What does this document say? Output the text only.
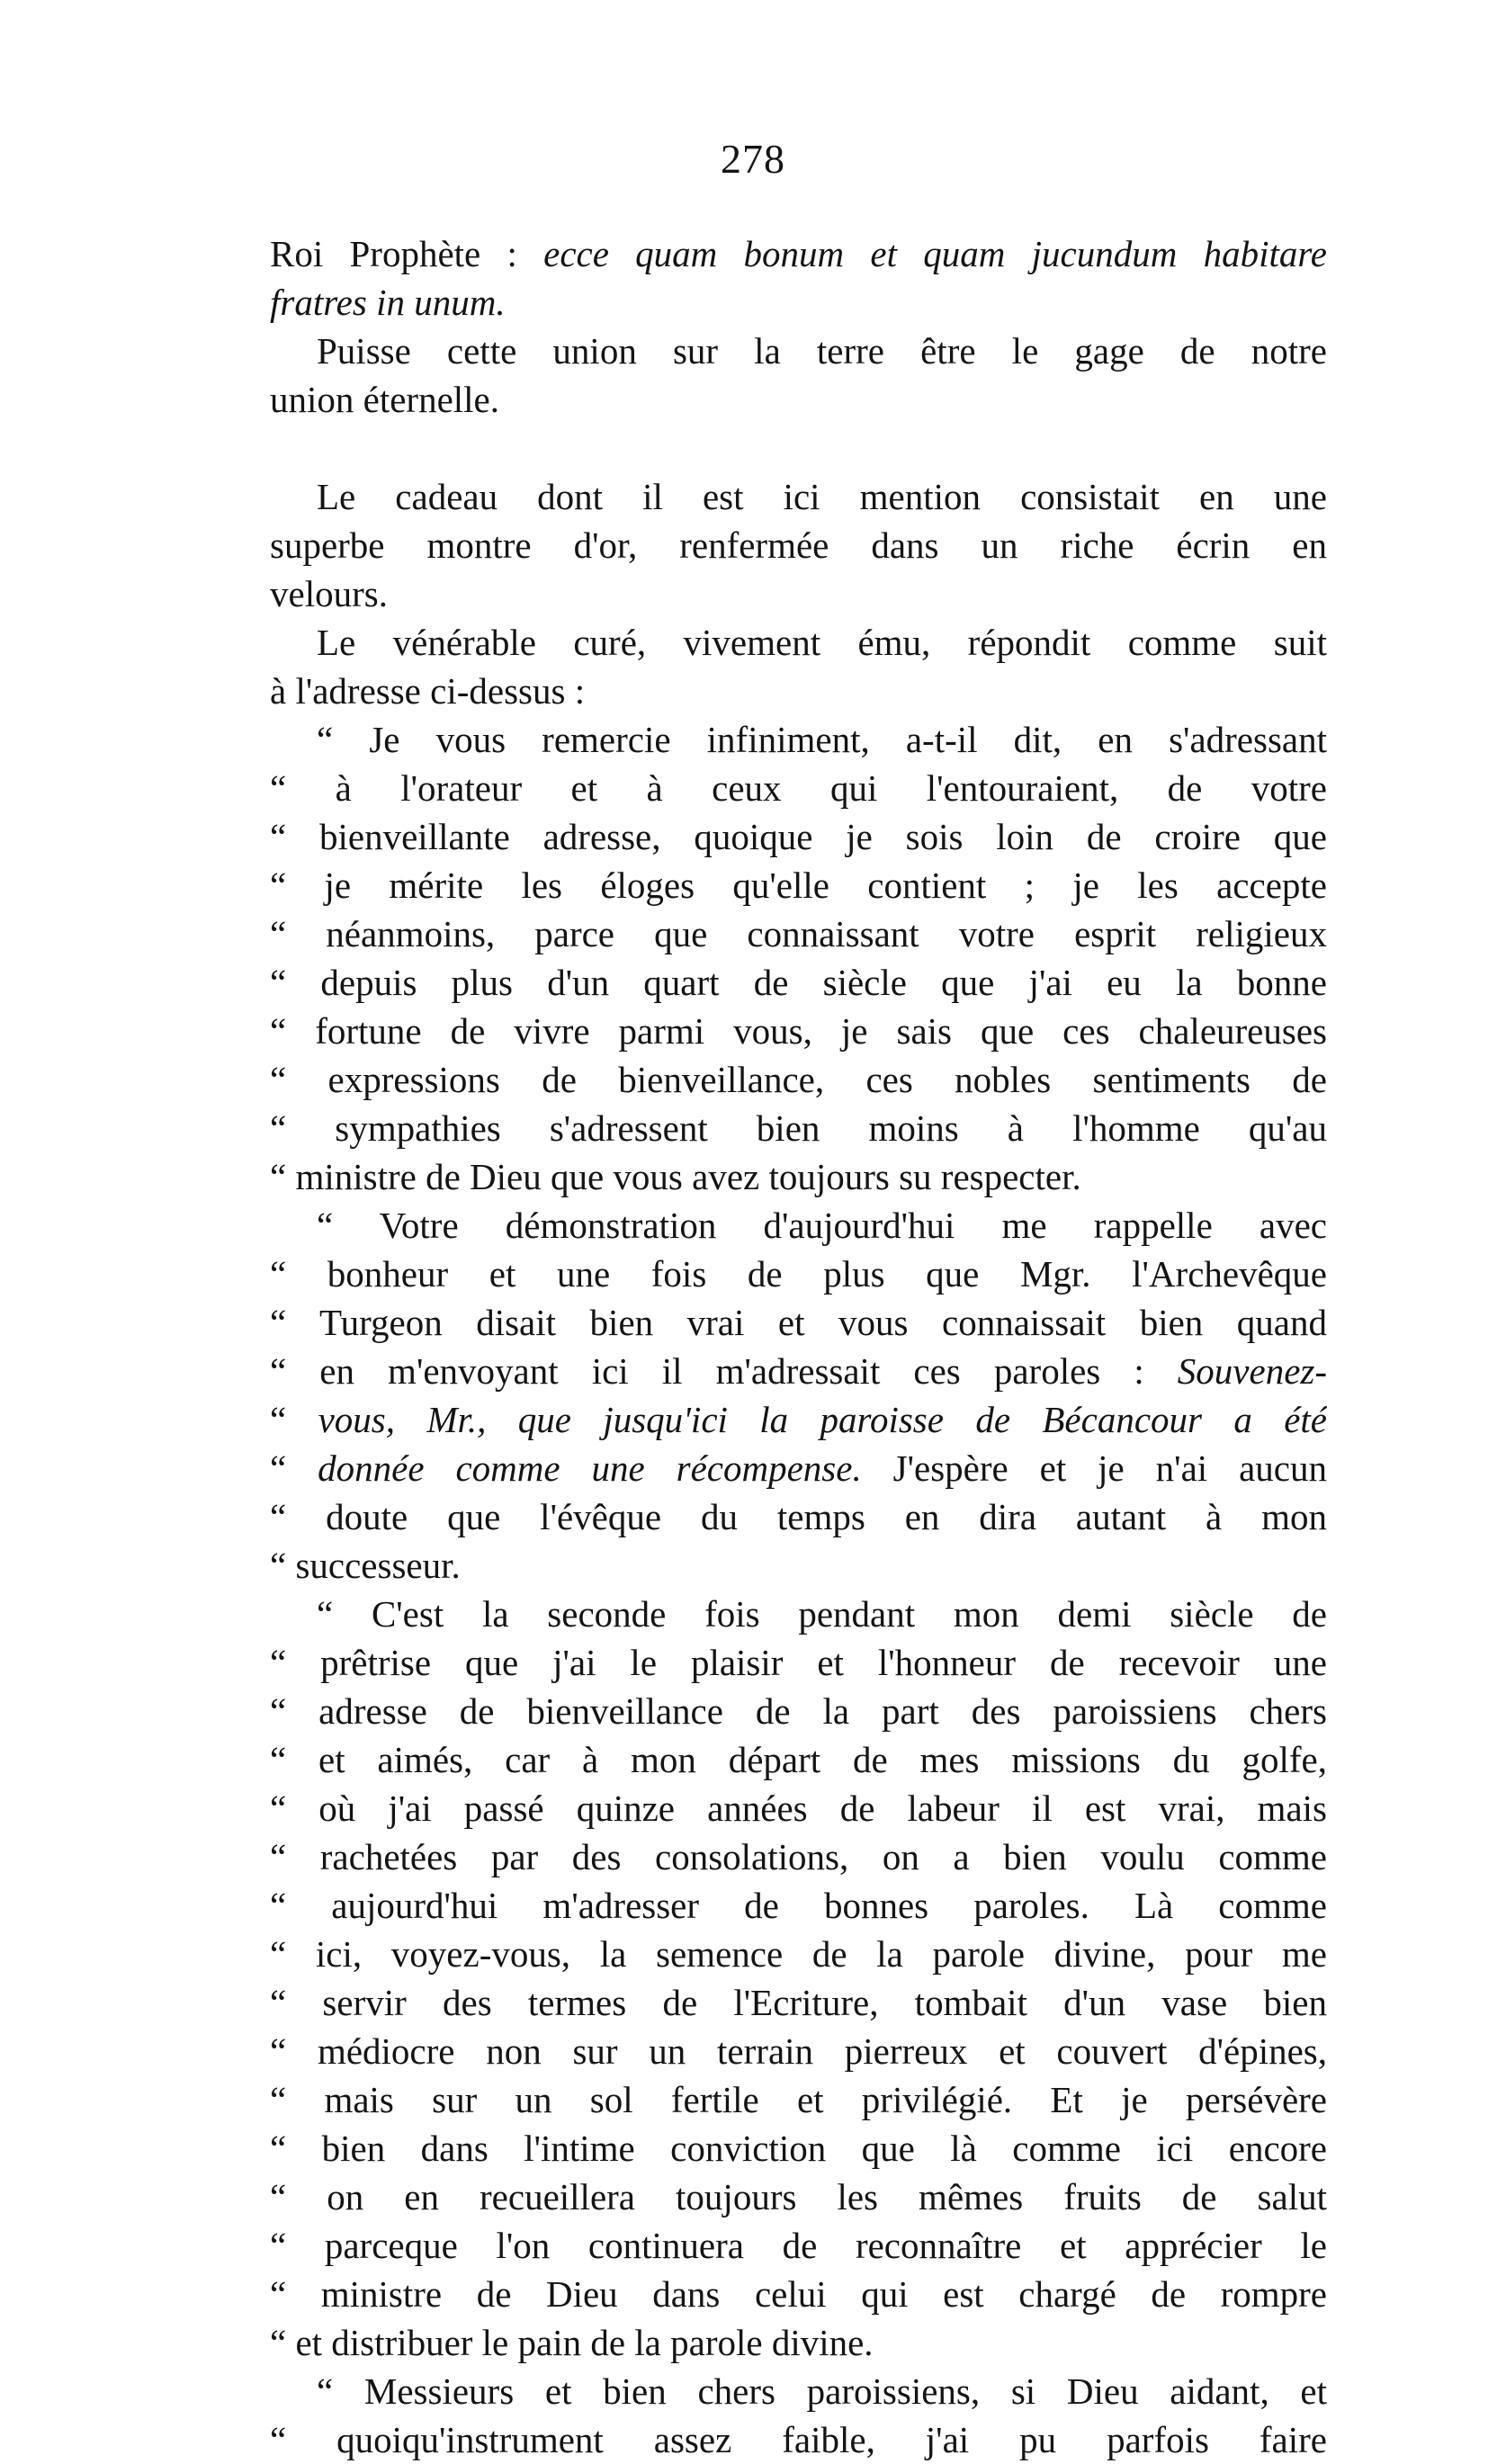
278
Roi Prophète : ecce quam bonum et quam jucundum habitare
fratres in unum.
Puisse cette union sur la terre être le gage de notre
union éternelle.
Le cadeau dont il est ici mention consistait en une
superbe montre d'or, renfermée dans un riche écrin en
velours.
Le vénérable curé, vivement ému, répondit comme suit
à l'adresse ci-dessus :
“ Je vous remercie infiniment, a-t-il dit, en s'adressant
“ à l'orateur et à ceux qui l'entouraient, de votre
“ bienveillante adresse, quoique je sois loin de croire que
“ je mérite les éloges qu'elle contient ; je les accepte
“ néanmoins, parce que connaissant votre esprit religieux
“ depuis plus d'un quart de siècle que j'ai eu la bonne
“ fortune de vivre parmi vous, je sais que ces chaleureuses
“ expressions de bienveillance, ces nobles sentiments de
“ sympathies s'adressent bien moins à l'homme qu'au
“ ministre de Dieu que vous avez toujours su respecter.
“ Votre démonstration d'aujourd'hui me rappelle avec
“ bonheur et une fois de plus que Mgr. l'Archevêque
“ Turgeon disait bien vrai et vous connaissait bien quand
“ en m'envoyant ici il m'adressait ces paroles : Souvenez-
“ vous, Mr., que jusqu'ici la paroisse de Bécancour a été
“ donnée comme une récompense. J'espère et je n'ai aucun
“ doute que l'évêque du temps en dira autant à mon
“ successeur.
“ C'est la seconde fois pendant mon demi siècle de
“ prêtrise que j'ai le plaisir et l'honneur de recevoir une
“ adresse de bienveillance de la part des paroissiens chers
“ et aimés, car à mon départ de mes missions du golfe,
“ où j'ai passé quinze années de labeur il est vrai, mais
“ rachetées par des consolations, on a bien voulu comme
“ aujourd'hui m'adresser de bonnes paroles. Là comme
“ ici, voyez-vous, la semence de la parole divine, pour me
“ servir des termes de l'Ecriture, tombait d'un vase bien
“ médiocre non sur un terrain pierreux et couvert d'épines,
“ mais sur un sol fertile et privilégié. Et je persévère
“ bien dans l'intime conviction que là comme ici encore
“ on en recueillera toujours les mêmes fruits de salut
“ parceque l'on continuera de reconnaître et apprécier le
“ ministre de Dieu dans celui qui est chargé de rompre
“ et distribuer le pain de la parole divine.
“ Messieurs et bien chers paroissiens, si Dieu aidant, et
“ quoiqu'instrument assez faible, j'ai pu parfois faire
